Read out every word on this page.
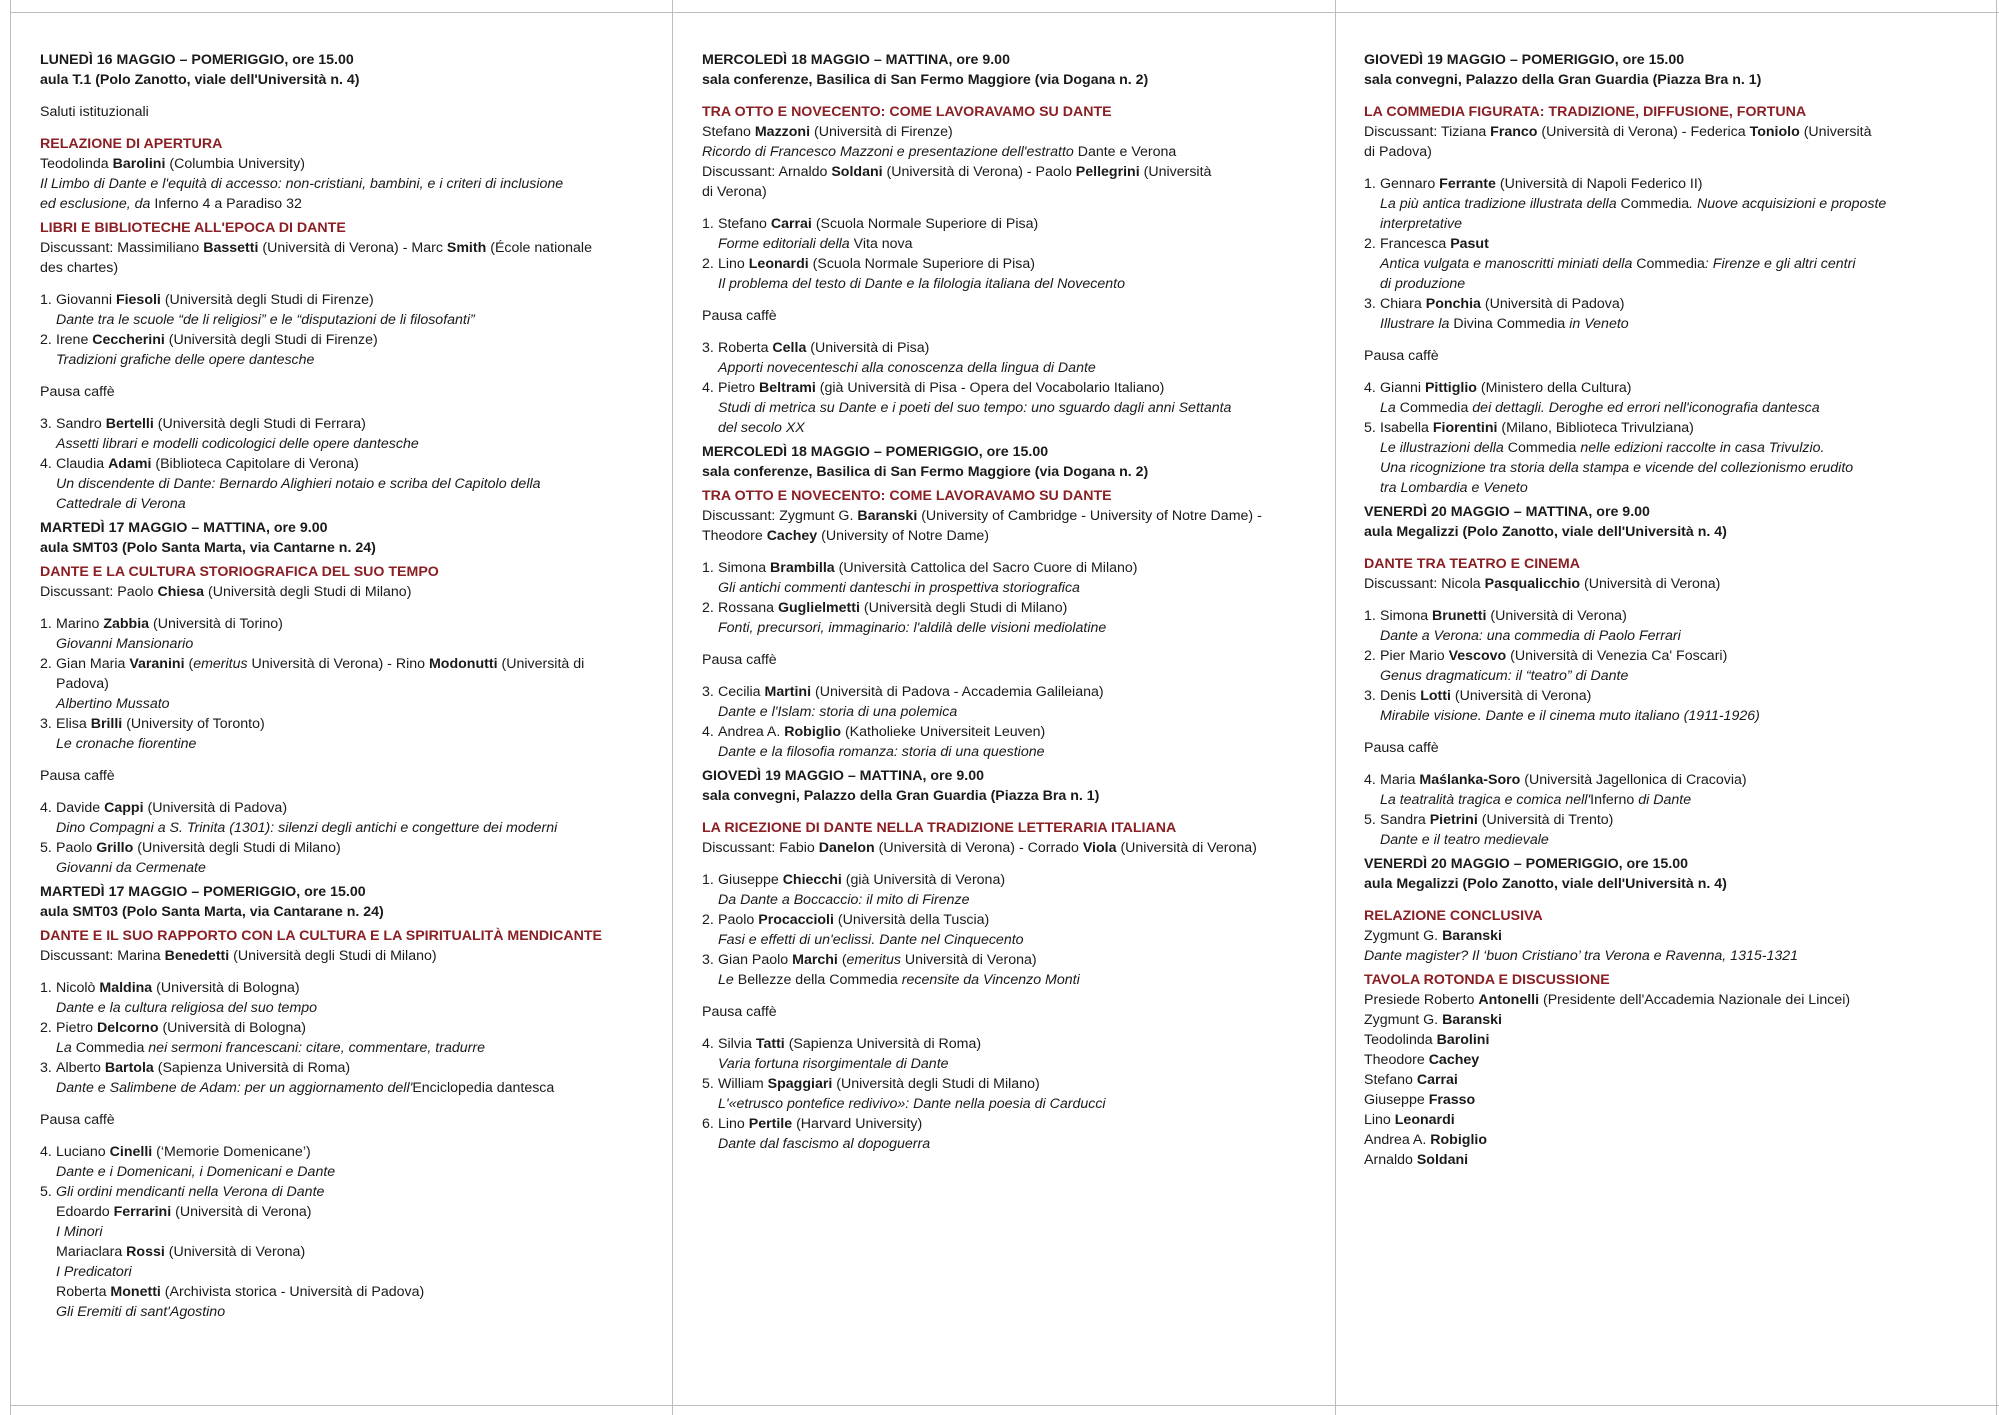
LUNEDÌ 16 MAGGIO – POMERIGGIO, ore 15.00
aula T.1 (Polo Zanotto, viale dell'Università n. 4)
Saluti istituzionali
RELAZIONE DI APERTURA
Teodolinda Barolini (Columbia University)
Il Limbo di Dante e l'equità di accesso: non-cristiani, bambini, e i criteri di inclusione
ed esclusione, da Inferno 4 a Paradiso 32
LIBRI E BIBLIOTECHE ALL'EPOCA DI DANTE
Discussant: Massimiliano Bassetti (Università di Verona) - Marc Smith (École nationale
des chartes)
1. Giovanni Fiesoli (Università degli Studi di Firenze)
Dante tra le scuole “de li religiosi” e le “disputazioni de li filosofanti”
2. Irene Ceccherini (Università degli Studi di Firenze)
Tradizioni grafiche delle opere dantesche
Pausa caffè
3. Sandro Bertelli (Università degli Studi di Ferrara)
Assetti librari e modelli codicologici delle opere dantesche
4. Claudia Adami (Biblioteca Capitolare di Verona)
Un discendente di Dante: Bernardo Alighieri notaio e scriba del Capitolo della
Cattedrale di Verona
MARTEDÌ 17 MAGGIO – MATTINA, ore 9.00
aula SMT03 (Polo Santa Marta, via Cantarne n. 24)
DANTE E LA CULTURA STORIOGRAFICA DEL SUO TEMPO
Discussant: Paolo Chiesa (Università degli Studi di Milano)
1. Marino Zabbia (Università di Torino)
Giovanni Mansionario
2. Gian Maria Varanini (emeritus Università di Verona) - Rino Modonutti (Università di
Padova)
Albertino Mussato
3. Elisa Brilli (University of Toronto)
Le cronache fiorentine
Pausa caffè
4. Davide Cappi (Università di Padova)
Dino Compagni a S. Trinita (1301): silenzi degli antichi e congetture dei moderni
5. Paolo Grillo (Università degli Studi di Milano)
Giovanni da Cermenate
MARTEDÌ 17 MAGGIO – POMERIGGIO, ore 15.00
aula SMT03 (Polo Santa Marta, via Cantarane n. 24)
DANTE E IL SUO RAPPORTO CON LA CULTURA E LA SPIRITUALITÀ MENDICANTE
Discussant: Marina Benedetti (Università degli Studi di Milano)
1. Nicolò Maldina (Università di Bologna)
Dante e la cultura religiosa del suo tempo
2. Pietro Delcorno (Università di Bologna)
La Commedia nei sermoni francescani: citare, commentare, tradurre
3. Alberto Bartola (Sapienza Università di Roma)
Dante e Salimbene de Adam: per un aggiornamento dell'Enciclopedia dantesca
Pausa caffè
4. Luciano Cinelli (‘Memorie Domenicane’)
Dante e i Domenicani, i Domenicani e Dante
5. Gli ordini mendicanti nella Verona di Dante
Edoardo Ferrarini (Università di Verona)
I Minori
Mariaclara Rossi (Università di Verona)
I Predicatori
Roberta Monetti (Archivista storica - Università di Padova)
Gli Eremiti di sant'Agostino
MERCOLEDÌ 18 MAGGIO – MATTINA, ore 9.00
sala conferenze, Basilica di San Fermo Maggiore (via Dogana n. 2)
TRA OTTO E NOVECENTO: COME LAVORAVAMO SU DANTE
Stefano Mazzoni (Università di Firenze)
Ricordo di Francesco Mazzoni e presentazione dell'estratto Dante e Verona
Discussant: Arnaldo Soldani (Università di Verona) - Paolo Pellegrini (Università
di Verona)
1. Stefano Carrai (Scuola Normale Superiore di Pisa)
Forme editoriali della Vita nova
2. Lino Leonardi (Scuola Normale Superiore di Pisa)
Il problema del testo di Dante e la filologia italiana del Novecento
Pausa caffè
3. Roberta Cella (Università di Pisa)
Apporti novecenteschi alla conoscenza della lingua di Dante
4. Pietro Beltrami (già Università di Pisa - Opera del Vocabolario Italiano)
Studi di metrica su Dante e i poeti del suo tempo: uno sguardo dagli anni Settanta
del secolo XX
MERCOLEDÌ 18 MAGGIO – POMERIGGIO, ore 15.00
sala conferenze, Basilica di San Fermo Maggiore (via Dogana n. 2)
TRA OTTO E NOVECENTO: COME LAVORAVAMO SU DANTE
Discussant: Zygmunt G. Baranski (University of Cambridge - University of Notre Dame) -
Theodore Cachey (University of Notre Dame)
1. Simona Brambilla (Università Cattolica del Sacro Cuore di Milano)
Gli antichi commenti danteschi in prospettiva storiografica
2. Rossana Guglielmetti (Università degli Studi di Milano)
Fonti, precursori, immaginario: l'aldilà delle visioni mediolatine
Pausa caffè
3. Cecilia Martini (Università di Padova - Accademia Galileiana)
Dante e l'Islam: storia di una polemica
4. Andrea A. Robiglio (Katholieke Universiteit Leuven)
Dante e la filosofia romanza: storia di una questione
GIOVEDÌ 19 MAGGIO – MATTINA, ore 9.00
sala convegni, Palazzo della Gran Guardia (Piazza Bra n. 1)
LA RICEZIONE DI DANTE NELLA TRADIZIONE LETTERARIA ITALIANA
Discussant: Fabio Danelon (Università di Verona) - Corrado Viola (Università di Verona)
1. Giuseppe Chiecchi (già Università di Verona)
Da Dante a Boccaccio: il mito di Firenze
2. Paolo Procaccioli (Università della Tuscia)
Fasi e effetti di un'eclissi. Dante nel Cinquecento
3. Gian Paolo Marchi (emeritus Università di Verona)
Le Bellezze della Commedia recensite da Vincenzo Monti
Pausa caffè
4. Silvia Tatti (Sapienza Università di Roma)
Varia fortuna risorgimentale di Dante
5. William Spaggiari (Università degli Studi di Milano)
L'«etrusco pontefice redivivo»: Dante nella poesia di Carducci
6. Lino Pertile (Harvard University)
Dante dal fascismo al dopoguerra
GIOVEDÌ 19 MAGGIO – POMERIGGIO, ore 15.00
sala convegni, Palazzo della Gran Guardia (Piazza Bra n. 1)
LA COMMEDIA FIGURATA: TRADIZIONE, DIFFUSIONE, FORTUNA
Discussant: Tiziana Franco (Università di Verona) - Federica Toniolo (Università
di Padova)
1. Gennaro Ferrante (Università di Napoli Federico II)
La più antica tradizione illustrata della Commedia. Nuove acquisizioni e proposte
interpretative
2. Francesca Pasut
Antica vulgata e manoscritti miniati della Commedia: Firenze e gli altri centri
di produzione
3. Chiara Ponchia (Università di Padova)
Illustrare la Divina Commedia in Veneto
Pausa caffè
4. Gianni Pittiglio (Ministero della Cultura)
La Commedia dei dettagli. Deroghe ed errori nell'iconografia dantesca
5. Isabella Fiorentini (Milano, Biblioteca Trivulziana)
Le illustrazioni della Commedia nelle edizioni raccolte in casa Trivulzio.
Una ricognizione tra storia della stampa e vicende del collezionismo erudito
tra Lombardia e Veneto
VENERDÌ 20 MAGGIO – MATTINA, ore 9.00
aula Megalizzi (Polo Zanotto, viale dell'Università n. 4)
DANTE TRA TEATRO E CINEMA
Discussant: Nicola Pasqualicchio (Università di Verona)
1. Simona Brunetti (Università di Verona)
Dante a Verona: una commedia di Paolo Ferrari
2. Pier Mario Vescovo (Università di Venezia Ca' Foscari)
Genus dragmaticum: il “teatro” di Dante
3. Denis Lotti (Università di Verona)
Mirabile visione. Dante e il cinema muto italiano (1911-1926)
Pausa caffè
4. Maria Maślanka-Soro (Università Jagellonica di Cracovia)
La teatralità tragica e comica nell'Inferno di Dante
5. Sandra Pietrini (Università di Trento)
Dante e il teatro medievale
VENERDÌ 20 MAGGIO – POMERIGGIO, ore 15.00
aula Megalizzi (Polo Zanotto, viale dell'Università n. 4)
RELAZIONE CONCLUSIVA
Zygmunt G. Baranski
Dante magister? Il ‘buon Cristiano’ tra Verona e Ravenna, 1315-1321
TAVOLA ROTONDA E DISCUSSIONE
Presiede Roberto Antonelli (Presidente dell'Accademia Nazionale dei Lincei)
Zygmunt G. Baranski
Teodolinda Barolini
Theodore Cachey
Stefano Carrai
Giuseppe Frasso
Lino Leonardi
Andrea A. Robiglio
Arnaldo Soldani
